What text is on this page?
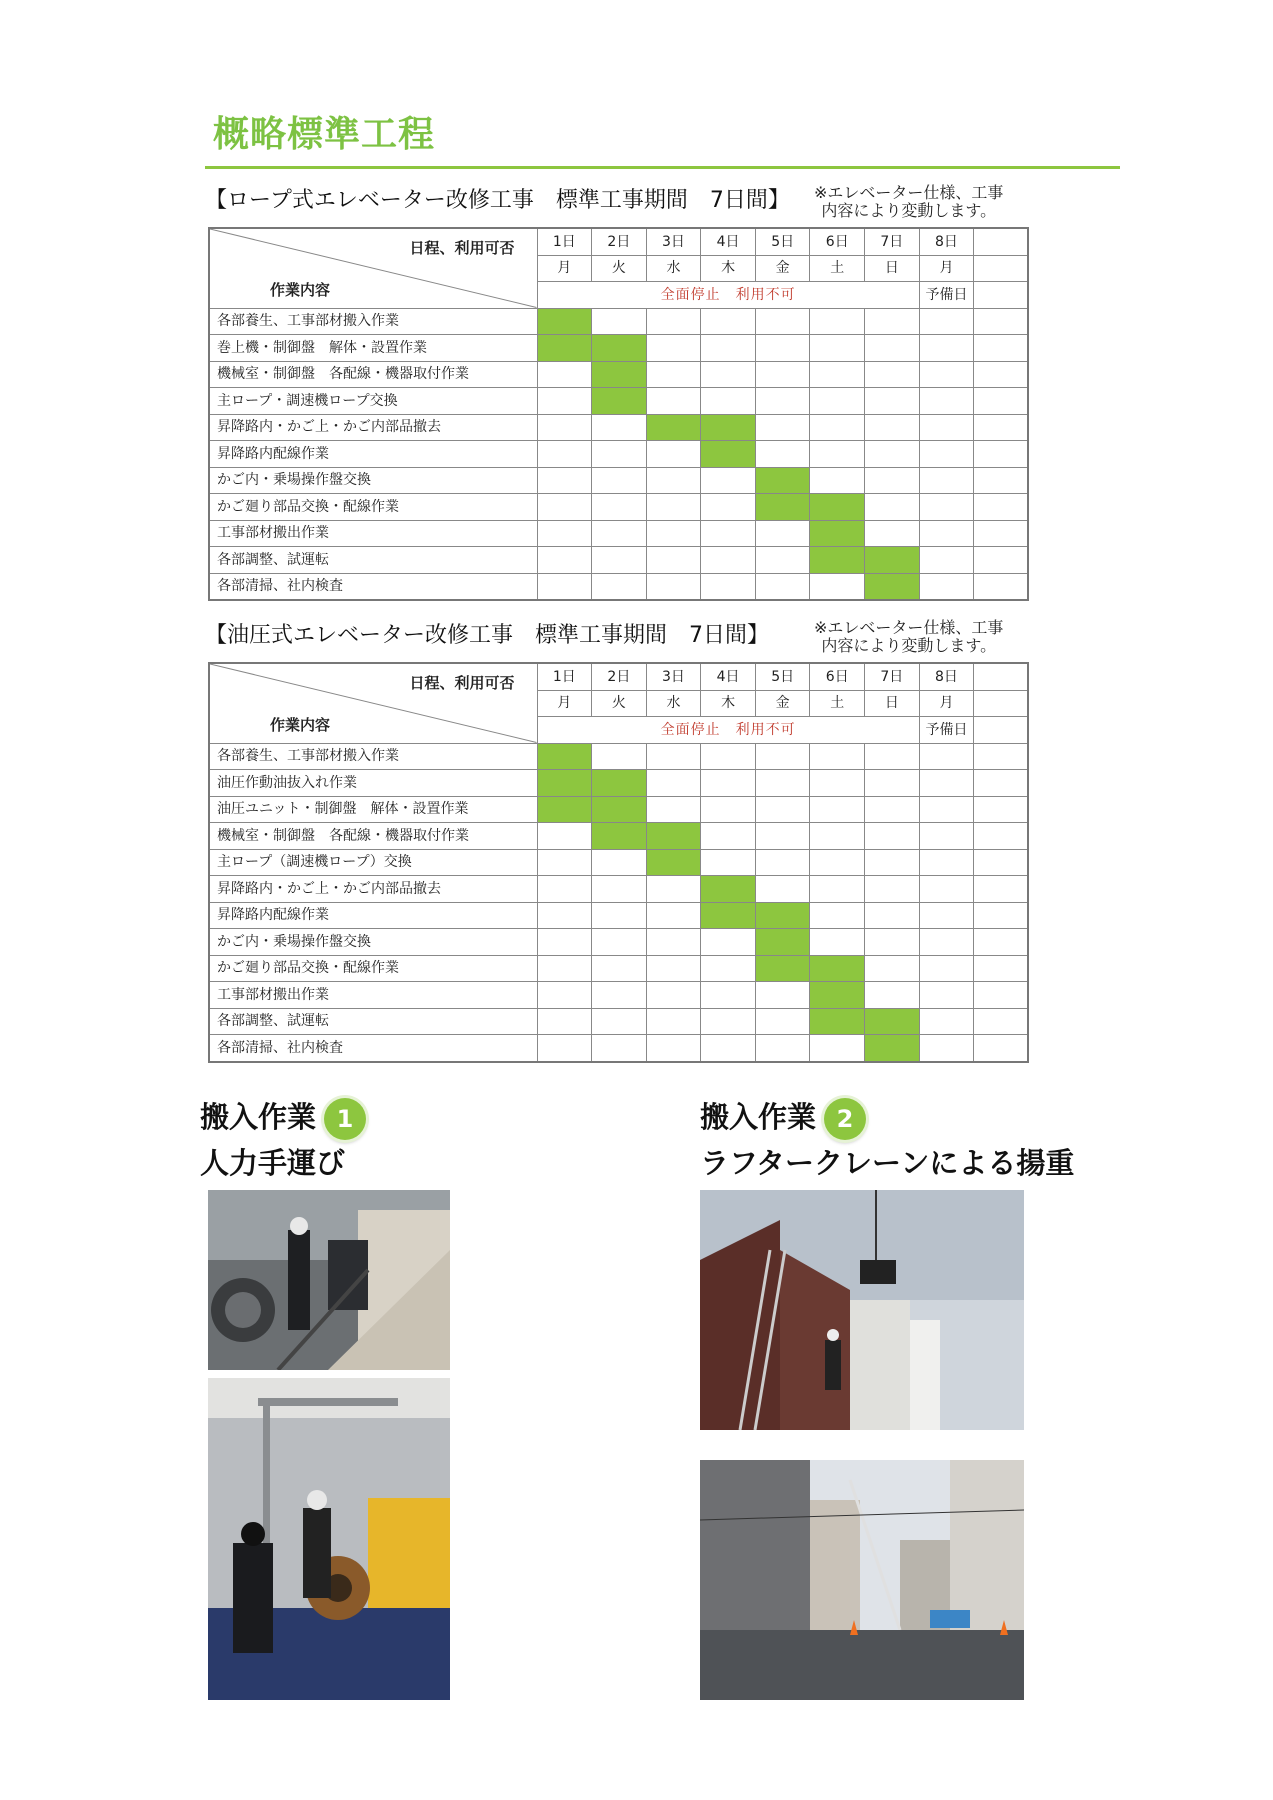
概略標準工程
【ロープ式エレベーター改修工事　標準工事期間　7日間】 ※エレベーター仕様、工事
内容により変動します。
日程、利用可否
作業内容	1日	2日	3日	4日	5日	6日	7日	8日	
	月	火	水	木	金	土	日	月	
	全面停止　利用不可							予備日	
各部養生、工事部材搬入作業									
巻上機・制御盤　解体・設置作業									
機械室・制御盤　各配線・機器取付作業									
主ロープ・調速機ロープ交換									
昇降路内・かご上・かご内部品撤去									
昇降路内配線作業									
かご内・乗場操作盤交換									
かご廻り部品交換・配線作業									
工事部材搬出作業									
各部調整、試運転									
各部清掃、社内検査									
【油圧式エレベーター改修工事　標準工事期間　7日間】	※エレベーター仕様、工事
内容により変動します。
日程、利用可否
作業内容	1日	2日	3日	4日	5日	6日	7日	8日	
	月	火	水	木	金	土	日	月	
	全面停止　利用不可							予備日	
各部養生、工事部材搬入作業									
油圧作動油抜入れ作業									
油圧ユニット・制御盤　解体・設置作業									
機械室・制御盤　各配線・機器取付作業									
主ロープ（調速機ロープ）交換									
昇降路内・かご上・かご内部品撤去									
昇降路内配線作業									
かご内・乗場操作盤交換									
かご廻り部品交換・配線作業									
工事部材搬出作業									
各部調整、試運転									
各部清掃、社内検査									
搬入作業 1
人力手運び
搬入作業 2
ラフタークレーンによる揚重
